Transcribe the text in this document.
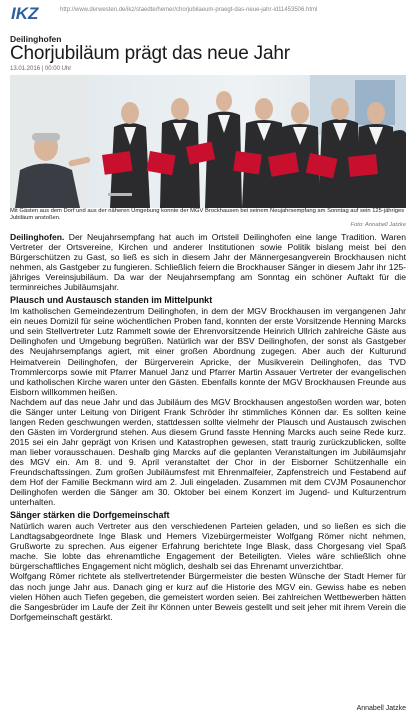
IKZ	http://www.derwesten.de/ikz/staedte/hemer/chorjubilaeum-praegt-das-neue-jahr-id11453506.html
Deilinghofen
Chorjubiläum prägt das neue Jahr
13.01.2016 | 00:00 Uhr
Mit Gästen aus dem Dorf und aus der näheren Umgebung konnte der MGV Brockhausen bei seinem Neujahrsempfang am Sonntag auf sein 125-jähriges Jubiläum anstoßen.
Foto: Annabell Jatzke

Deilinghofen. Der Neujahrsempfang hat auch im Ortsteil Deilinghofen eine lange Tradition. Waren Vertreter der Ortsvereine, Kirchen und anderer Institutionen sowie Politik bislang meist bei den Bürgerschützen zu Gast, so ließ es sich in diesem Jahr der Männergesangverein Brockhausen nicht nehmen, als Gastgeber zu fungieren. Schließlich feiern die Brockhauser Sänger in diesem Jahr ihr 125-jähriges Vereinsjubiläum. Da war der Neujahrsempfang am Sonntag ein schöner Auftakt für die terminreiches Jubiläumsjahr.

Plausch und Austausch standen im Mittelpunkt

Im katholischen Gemeindezentrum Deilinghofen, in dem der MGV Brockhausen im vergangenen Jahr ein neues Domizil für seine wöchentlichen Proben fand, konnten der erste Vorsitzende Henning Marcks und sein Stellvertreter Lutz Rammelt sowie der Ehrenvorsitzende Heinrich Ullrich zahlreiche Gäste aus Deilinghofen und Umgebung begrüßen. Natürlich war der BSV Deilinghofen, der sonst als Gastgeber des Neujahrsempfangs agiert, mit einer großen Abordnung zugegen. Aber auch der Kulturund Heimatverein Deilinghofen, der Bürgerverein Apricke, der Musikverein Deilinghofen, das TVD Trommlercorps sowie mit Pfarrer Manuel Janz und Pfarrer Martin Assauer Vertreter der evangelischen und katholischen Kirche waren unter den Gästen. Ebenfalls konnte der MGV Brockhausen Freunde aus Eisborn willkommen heißen.

Nachdem auf das neue Jahr und das Jubiläum des MGV Brockhausen angestoßen worden war, boten die Sänger unter Leitung von Dirigent Frank Schröder ihr stimmliches Können dar. Es sollten keine langen Reden geschwungen werden, stattdessen sollte vielmehr der Plausch und Austausch zwischen den Gästen im Vordergrund stehen. Aus diesem Grund fasste Henning Marcks auch seine Rede kurz. 2015 sei ein Jahr geprägt von Krisen und Katastrophen gewesen, statt traurig zurückzublicken, sollte man lieber vorausschauen. Deshalb ging Marcks auf die geplanten Veranstaltungen im Jubiläumsjahr des MGV ein. Am 8. und 9. April veranstaltet der Chor in der Eisborner Schützenhalle ein Freundschaftssingen. Zum großen Jubiläumsfest mit Ehrenmalfeier, Zapfenstreich und Festabend auf dem Hof der Familie Beckmann wird am 2. Juli eingeladen. Zusammen mit dem CVJM Posaunenchor Deilinghofen werden die Sänger am 30. Oktober bei einem Konzert im Jugend- und Kulturzentrum unterhalten.

Sänger stärken die Dorfgemeinschaft

Natürlich waren auch Vertreter aus den verschiedenen Parteien geladen, und so ließen es sich die Landtagsabgeordnete Inge Blask und Hemers Vizebürgermeister Wolfgang Römer nicht nehmen, Grußworte zu sprechen. Aus eigener Erfahrung berichtete Inge Blask, dass Chorgesang viel Spaß mache. Sie lobte das ehrenamtliche Engagement der Beteiligten. Vieles wäre schließlich ohne bürgerschaftliches Engagement nicht möglich, deshalb sei das Ehrenamt unverzichtbar.

Wolfgang Römer richtete als stellvertretender Bürgermeister die besten Wünsche der Stadt Hemer für das noch junge Jahr aus. Danach ging er kurz auf die Historie des MGV ein. Gewiss habe es neben vielen Höhen auch Tiefen gegeben, die gemeistert worden seien. Bei zahlreichen Wettbewerben hätten die Sangesbrüder im Laufe der Zeit ihr Können unter Beweis gestellt und seit jeher mit ihrem Verein die Dorfgemeinschaft gestärkt.

Annabell Jatzke
